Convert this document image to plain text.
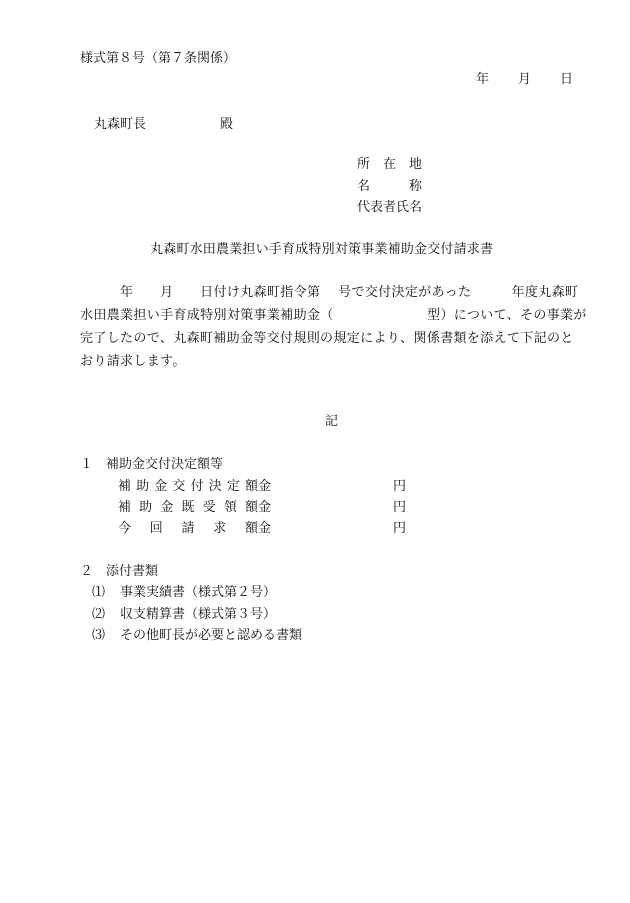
様式第８号（第７条関係）
年 月 日
丸森町長	殿
所　在　地
名　　　称
代表者氏名
丸森町水田農業担い手育成特別対策事業補助金交付請求書
　　　年　　月　　日付け丸森町指令第　 号で交付決定があった　　　年度丸森町
水田農業担い手育成特別対策事業補助金（　　　　　　　型）について、その事業が
完了したので、丸森町補助金等交付規則の規定により、関係書類を添えて下記のと
おり請求します。
記
１　補助金交付決定額等
補助金交付決定額金	円
補助金既受領額金	円
今回請求額金	円
２　添付書類
⑴ 事業実績書（様式第２号）
⑵ 収支精算書（様式第３号）
⑶ その他町長が必要と認める書類
